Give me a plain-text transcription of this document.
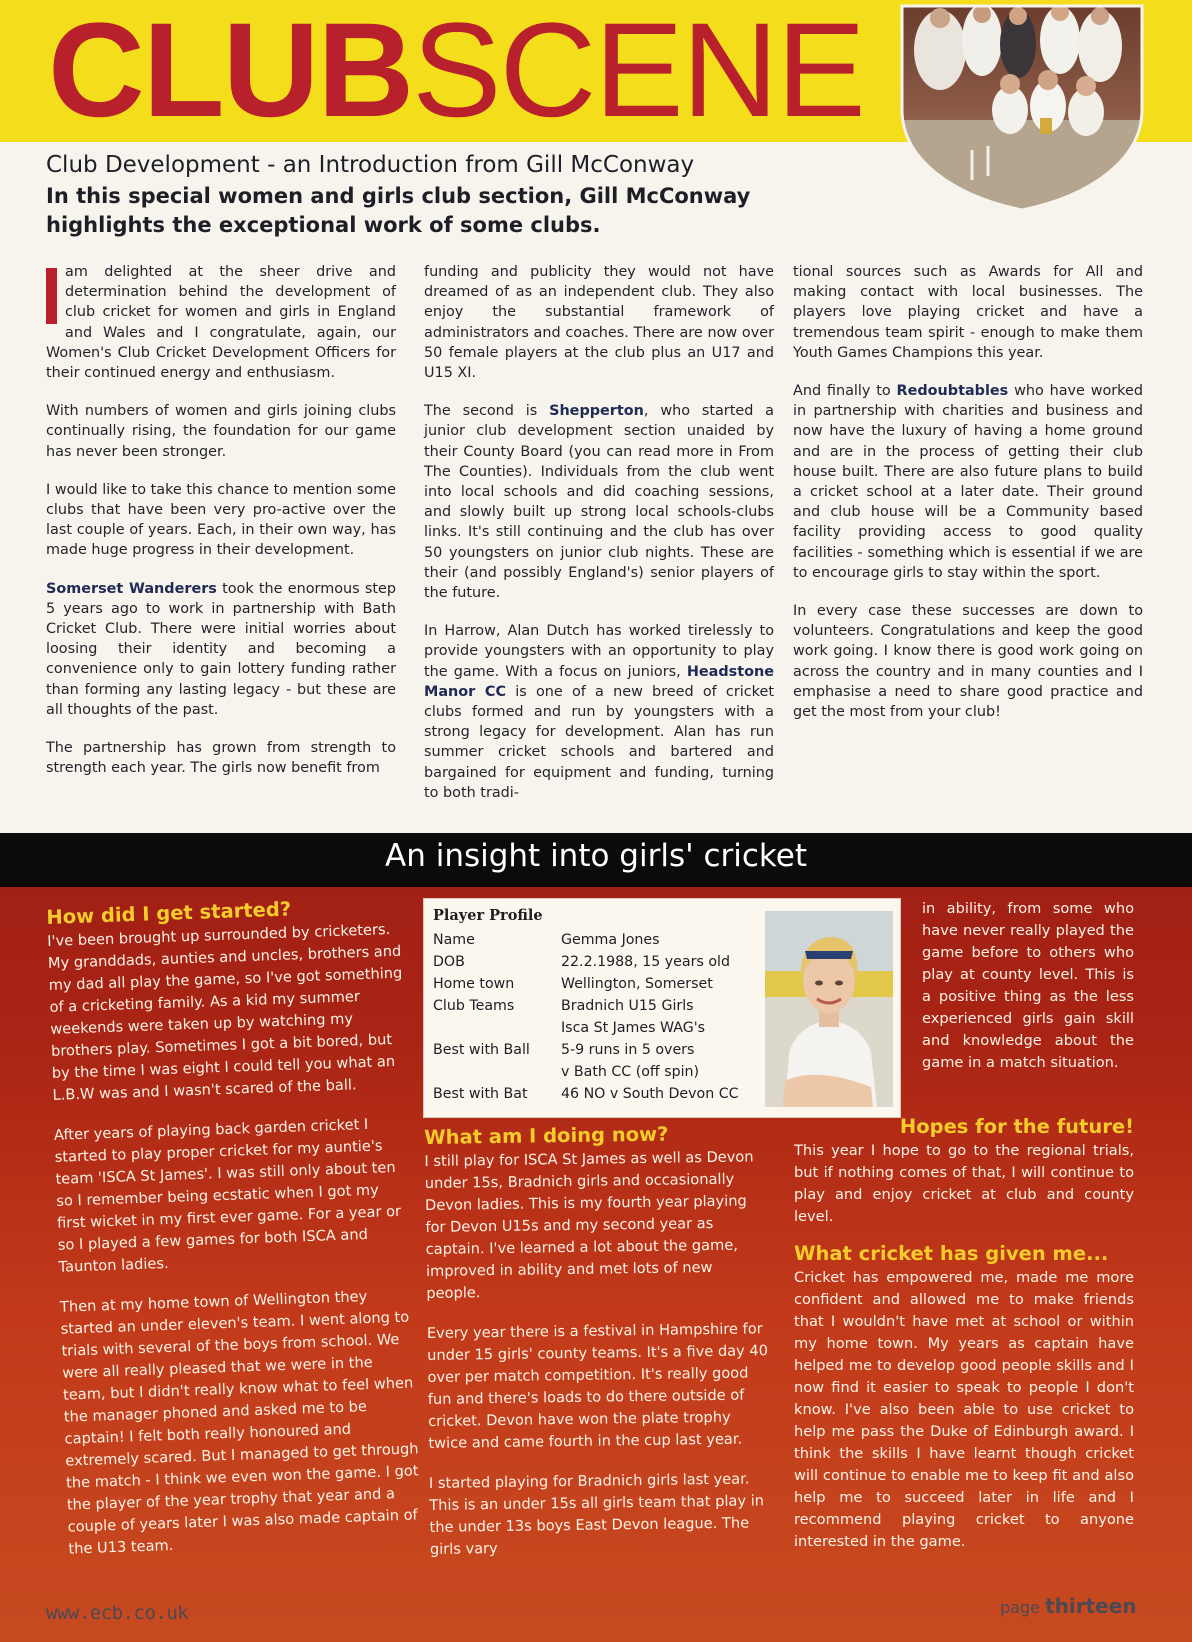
CLUBSCENE
Club Development - an Introduction from Gill McConway
In this special women and girls club section, Gill McConway highlights the exceptional work of some clubs.

am delighted at the sheer drive and determination behind the development of club cricket for women and girls in England and Wales and I congratulate, again, our Women's Club Cricket Development Officers for their continued energy and enthusiasm.

With numbers of women and girls joining clubs continually rising, the foundation for our game has never been stronger.

I would like to take this chance to mention some clubs that have been very pro-active over the last couple of years. Each, in their own way, has made huge progress in their development.

Somerset Wanderers took the enormous step 5 years ago to work in partnership with Bath Cricket Club. There were initial worries about loosing their identity and becoming a convenience only to gain lottery funding rather than forming any lasting legacy - but these are all thoughts of the past.

The partnership has grown from strength to strength each year. The girls now benefit from

funding and publicity they would not have dreamed of as an independent club. They also enjoy the substantial framework of administrators and coaches. There are now over 50 female players at the club plus an U17 and U15 XI.

The second is Shepperton, who started a junior club development section unaided by their County Board (you can read more in From The Counties). Individuals from the club went into local schools and did coaching sessions, and slowly built up strong local schools-clubs links. It's still continuing and the club has over 50 youngsters on junior club nights. These are their (and possibly England's) senior players of the future.

In Harrow, Alan Dutch has worked tirelessly to provide youngsters with an opportunity to play the game. With a focus on juniors, Headstone Manor CC is one of a new breed of cricket clubs formed and run by youngsters with a strong legacy for development. Alan has run summer cricket schools and bartered and bargained for equipment and funding, turning to both tradi-

tional sources such as Awards for All and making contact with local businesses. The players love playing cricket and have a tremendous team spirit - enough to make them Youth Games Champions this year.

And finally to Redoubtables who have worked in partnership with charities and business and now have the luxury of having a home ground and are in the process of getting their club house built. There are also future plans to build a cricket school at a later date. Their ground and club house will be a Community based facility providing access to good quality facilities - something which is essential if we are to encourage girls to stay within the sport.

In every case these successes are down to volunteers. Congratulations and keep the good work going. I know there is good work going on across the country and in many counties and I emphasise a need to share good practice and get the most from your club!

An insight into girls' cricket
How did I get started?

I've been brought up surrounded by cricketers. My granddads, aunties and uncles, brothers and my dad all play the game, so I've got something of a cricketing family. As a kid my summer weekends were taken up by watching my brothers play. Sometimes I got a bit bored, but by the time I was eight I could tell you what an L.B.W was and I wasn't scared of the ball.

After years of playing back garden cricket I started to play proper cricket for my auntie's team 'ISCA St James'. I was still only about ten so I remember being ecstatic when I got my first wicket in my first ever game. For a year or so I played a few games for both ISCA and Taunton ladies.

Then at my home town of Wellington they started an under eleven's team. I went along to trials with several of the boys from school. We were all really pleased that we were in the team, but I didn't really know what to feel when the manager phoned and asked me to be captain! I felt both really honoured and extremely scared. But I managed to get through the match - I think we even won the game. I got the player of the year trophy that year and a couple of years later I was also made captain of the U13 team.

Player Profile
Name	Gemma Jones
DOB	22.2.1988, 15 years old
Home town	Wellington, Somerset
Club Teams	Bradnich U15 Girls
	Isca St James WAG's
Best with Ball	5-9 runs in 5 overs
	v Bath CC (off spin)
Best with Bat	46 NO v South Devon CC
What am I doing now?

I still play for ISCA St James as well as Devon under 15s, Bradnich girls and occasionally Devon ladies. This is my fourth year playing for Devon U15s and my second year as captain. I've learned a lot about the game, improved in ability and met lots of new people.

Every year there is a festival in Hampshire for under 15 girls' county teams. It's a five day 40 over per match competition. It's really good fun and there's loads to do there outside of cricket. Devon have won the plate trophy twice and came fourth in the cup last year.

I started playing for Bradnich girls last year. This is an under 15s all girls team that play in the under 13s boys East Devon league. The girls vary

in ability, from some who have never really played the game before to others who play at county level. This is a positive thing as the less experienced girls gain skill and knowledge about the game in a match situation.

Hopes for the future!

This year I hope to go to the regional trials, but if nothing comes of that, I will continue to play and enjoy cricket at club and county level.

What cricket has given me...

Cricket has empowered me, made me more confident and allowed me to make friends that I wouldn't have met at school or within my home town. My years as captain have helped me to develop good people skills and I now find it easier to speak to people I don't know. I've also been able to use cricket to help me pass the Duke of Edinburgh award. I think the skills I have learnt though cricket will continue to enable me to keep fit and also help me to succeed later in life and I recommend playing cricket to anyone interested in the game.

www.ecb.co.uk	page thirteen
